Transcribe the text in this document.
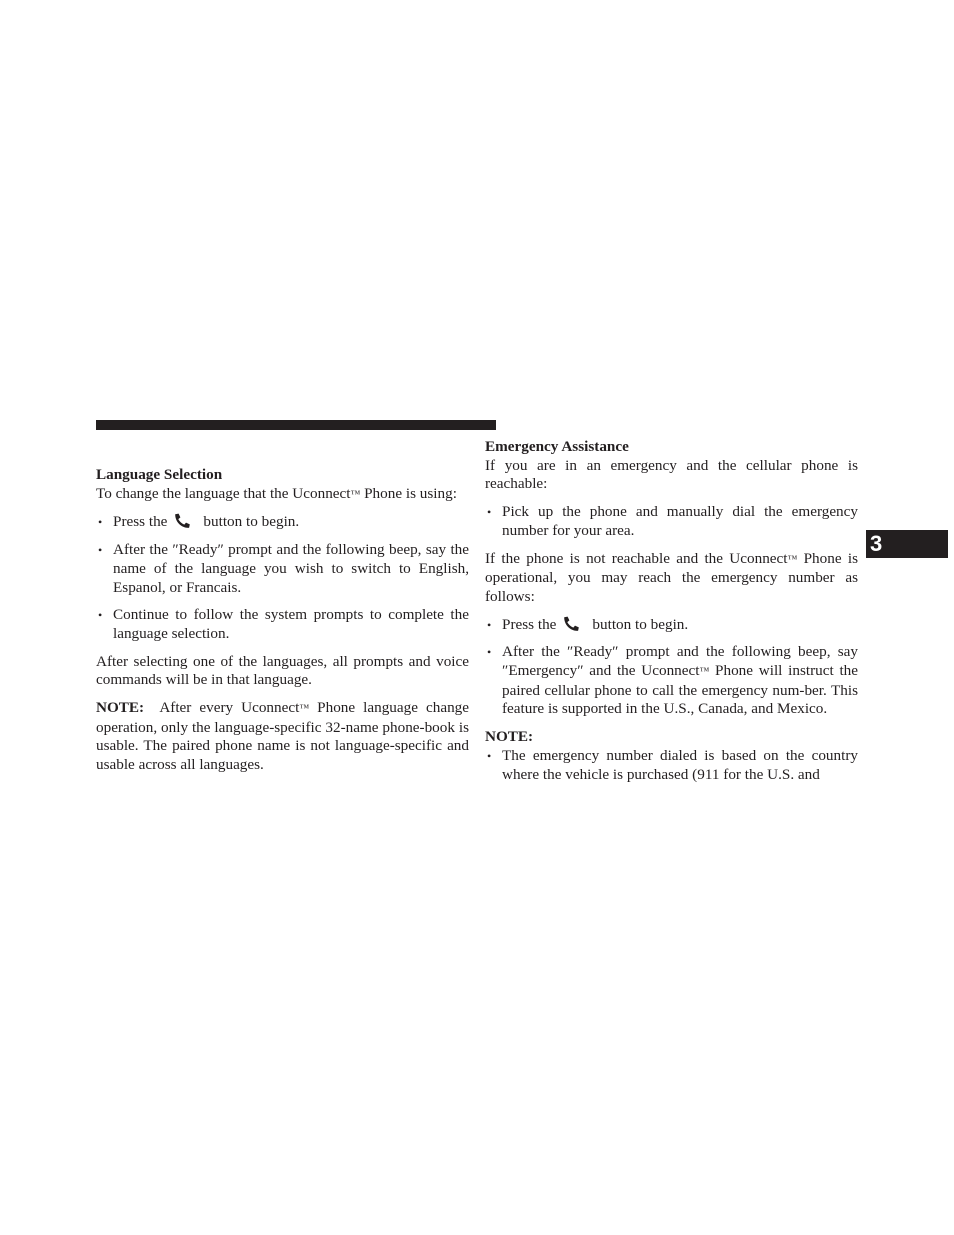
Language Selection

To change the language that the Uconnect™ Phone is using:

• Press the button to begin.
• After the ″Ready″ prompt and the following beep, say the name of the language you wish to switch to English, Espanol, or Francais.
• Continue to follow the system prompts to complete the language selection.

After selecting one of the languages, all prompts and voice commands will be in that language.

NOTE:  After every Uconnect™ Phone language change operation, only the language-specific 32-name phone-book is usable. The paired phone name is not language-specific and usable across all languages.

Emergency Assistance

If you are in an emergency and the cellular phone is reachable:

• Pick up the phone and manually dial the emergency number for your area.

If the phone is not reachable and the Uconnect™ Phone is operational, you may reach the emergency number as follows:

• Press the button to begin.
• After the ″Ready″ prompt and the following beep, say ″Emergency″ and the Uconnect™ Phone will instruct the paired cellular phone to call the emergency num-ber. This feature is supported in the U.S., Canada, and Mexico.

NOTE:

• The emergency number dialed is based on the country where the vehicle is purchased (911 for the U.S. and
3
